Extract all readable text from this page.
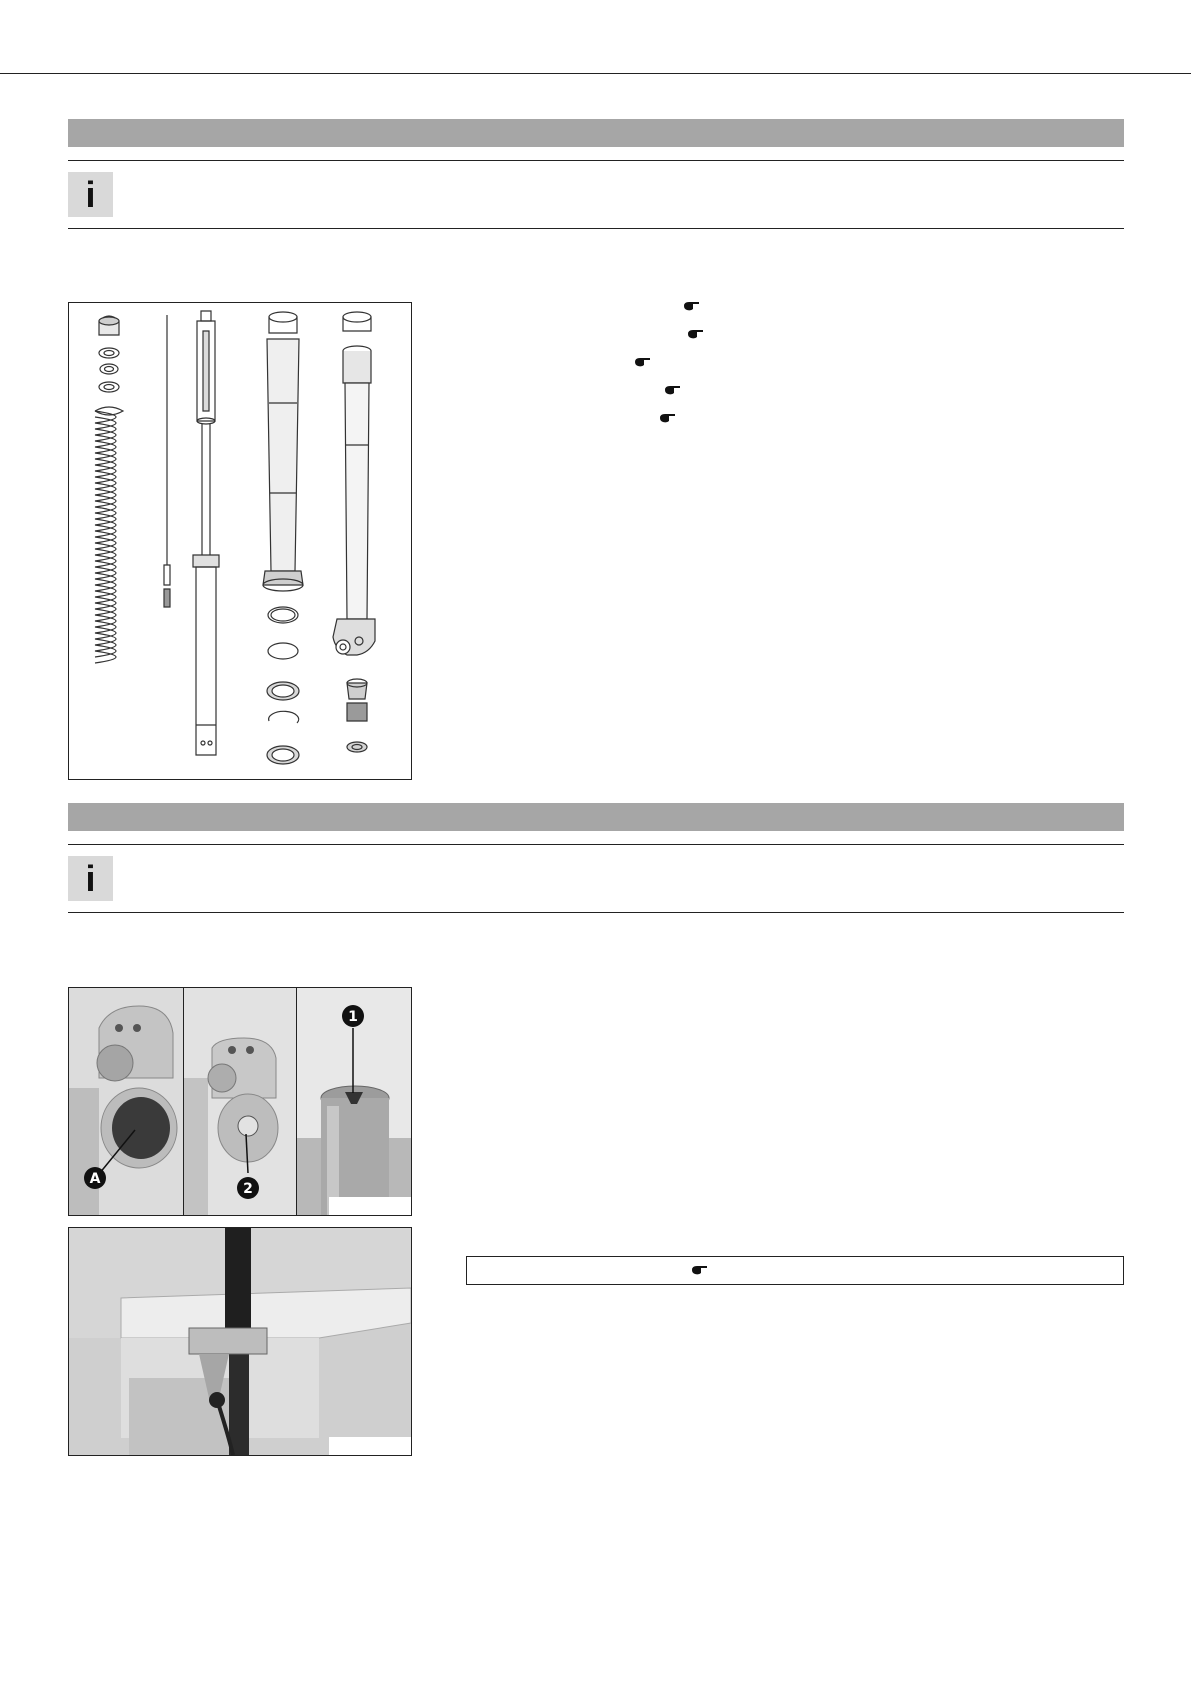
i
i
A
2
1
